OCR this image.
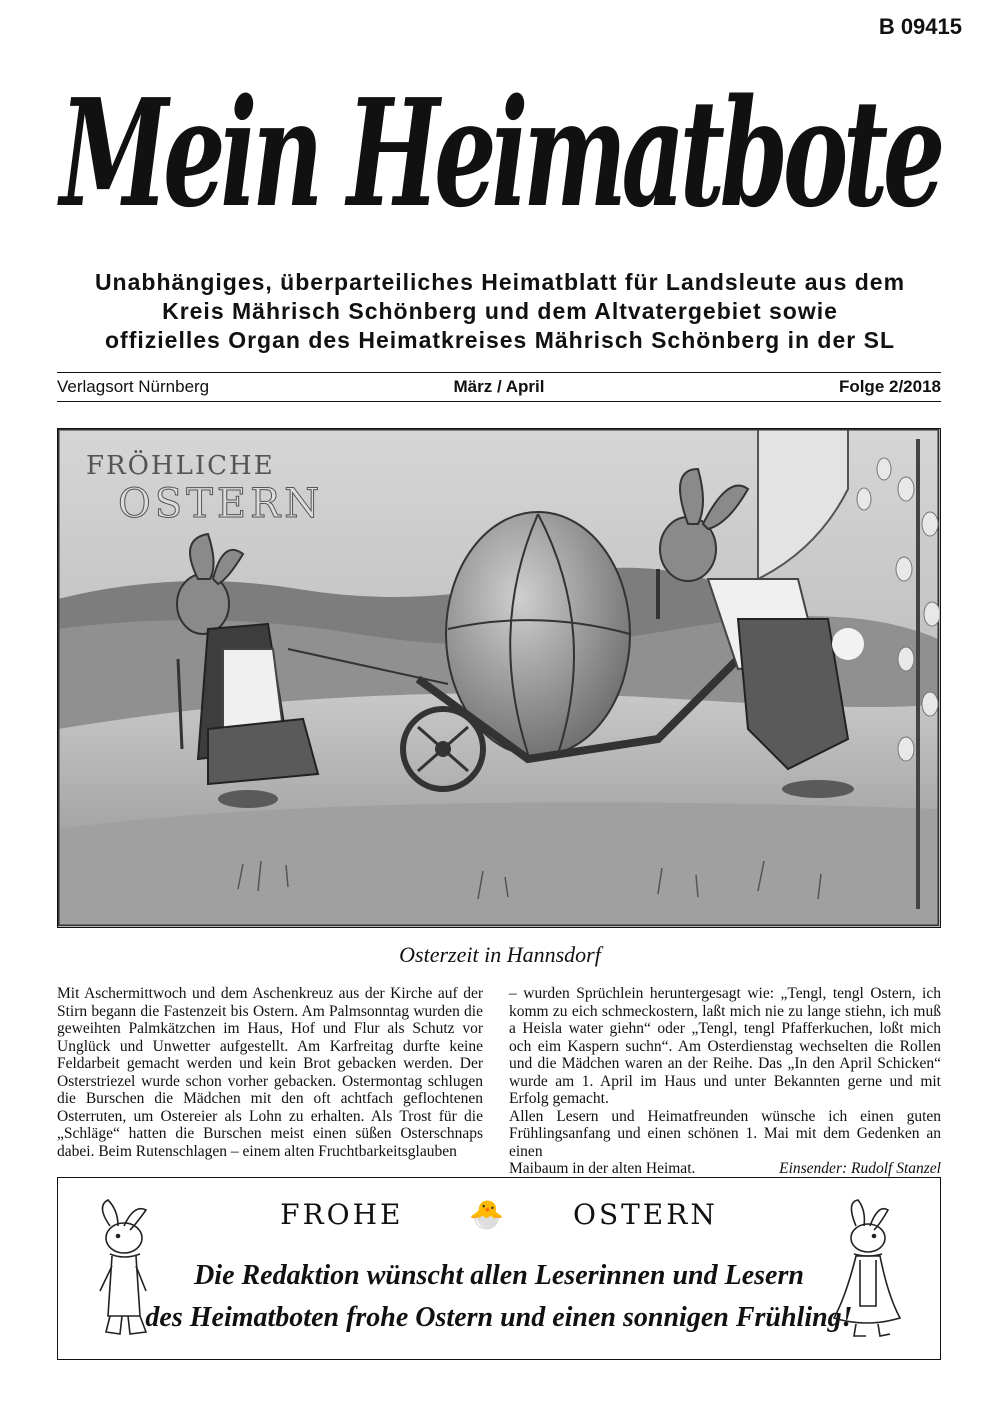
B 09415
Mein Heimatbote
Unabhängiges, überparteiliches Heimatblatt für Landsleute aus dem
Kreis Mährisch Schönberg und dem Altvatergebiet sowie
offizielles Organ des Heimatkreises Mährisch Schönberg in der SL
Verlagsort Nürnberg	März / April	Folge 2/2018
FRÖHLICHE
OSTERN
Osterzeit in Hannsdorf

Mit Aschermittwoch und dem Aschenkreuz aus der Kirche auf der Stirn begann die Fastenzeit bis Ostern. Am Palmsonntag wurden die geweihten Palmkätzchen im Haus, Hof und Flur als Schutz vor Unglück und Unwetter aufgestellt. Am Karfreitag durfte keine Feldarbeit gemacht werden und kein Brot gebacken werden. Der Osterstriezel wurde schon vorher gebacken. Ostermontag schlugen die Burschen die Mädchen mit den oft achtfach geflochtenen Osterruten, um Ostereier als Lohn zu erhalten. Als Trost für die „Schläge“ hatten die Burschen meist einen süßen Osterschnaps dabei. Beim Rutenschlagen – einem alten Fruchtbarkeitsglauben

– wurden Sprüchlein heruntergesagt wie: „Tengl, tengl Ostern, ich komm zu eich schmeckostern, laßt mich nie zu lange stiehn, ich muß a Heisla water giehn“ oder „Tengl, tengl Pfafferkuchen, loßt mich och eim Kaspern suchn“. Am Osterdienstag wechselten die Rollen und die Mädchen waren an der Reihe. Das „In den April Schicken“ wurde am 1. April im Haus und unter Bekannten gerne und mit Erfolg gemacht.

Allen Lesern und Heimatfreunden wünsche ich einen guten Frühlingsanfang und einen schönen 1. Mai mit dem Gedenken an einen

Maibaum in der alten Heimat.	Einsender: Rudolf Stanzel
FROHE 🐣 OSTERN
Die Redaktion wünscht allen Leserinnen und Lesern
des Heimatboten frohe Ostern und einen sonnigen Frühling!
